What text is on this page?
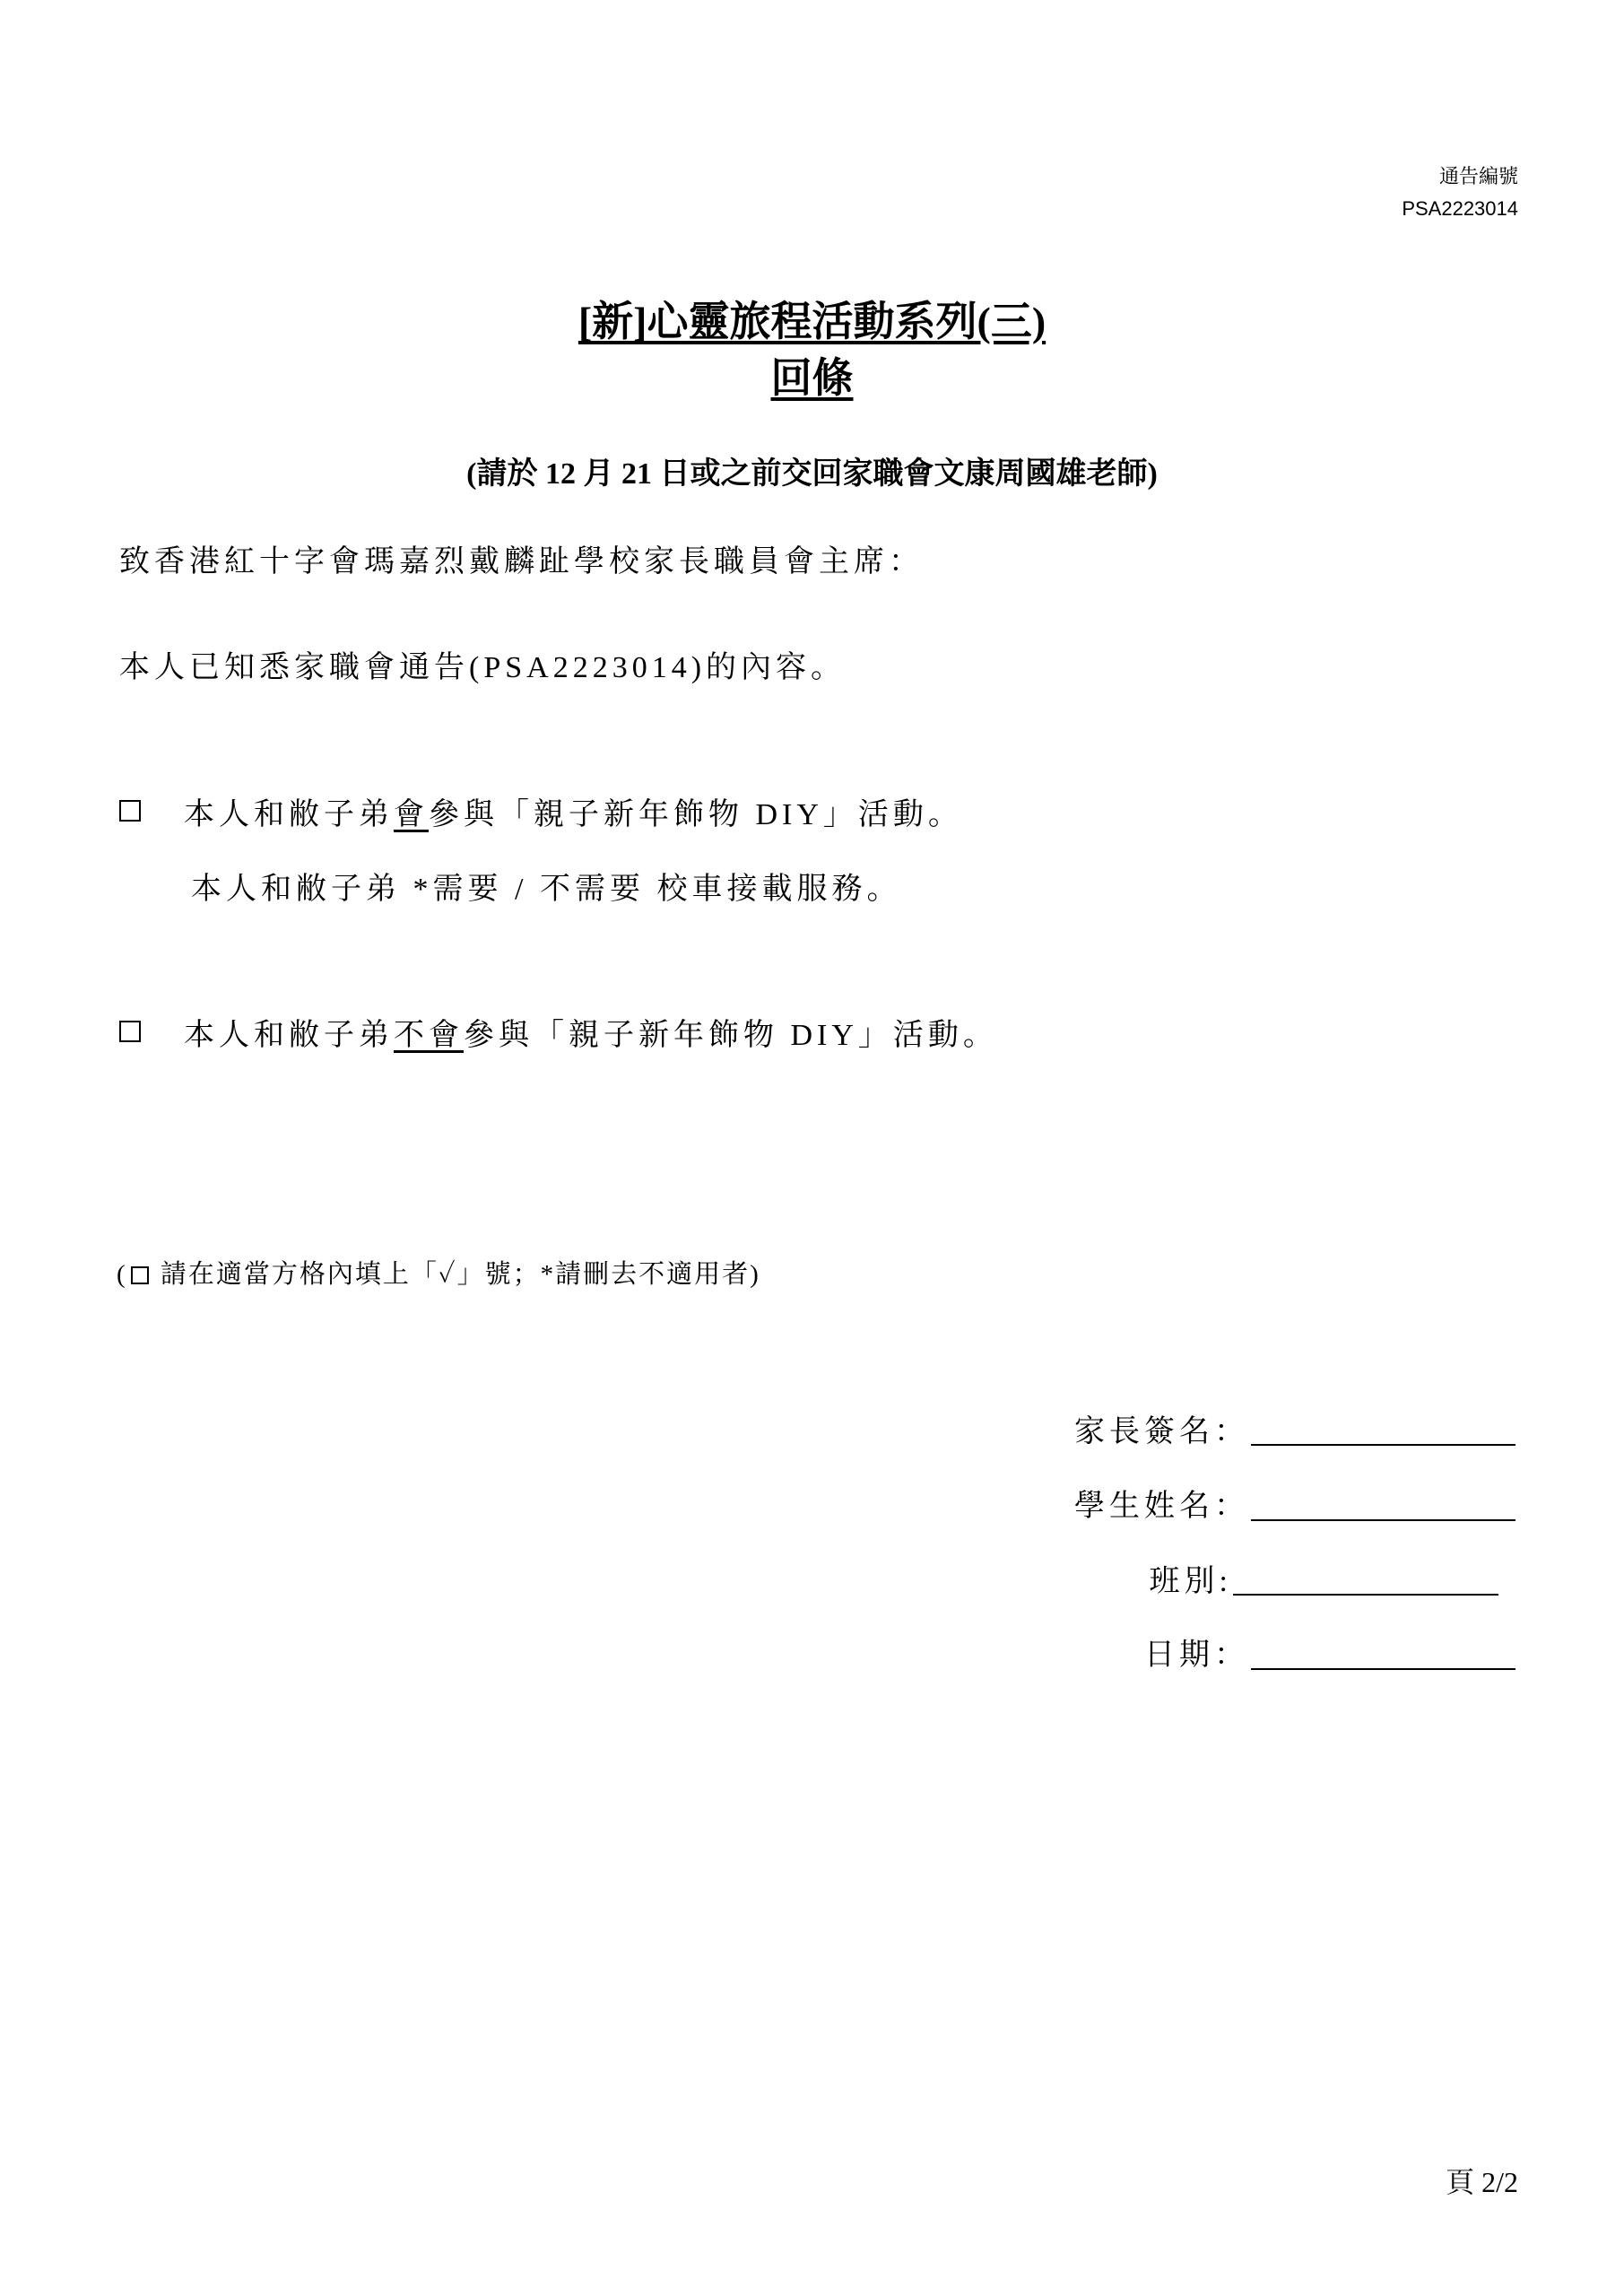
通告編號
PSA2223014
[新]心靈旅程活動系列(三)
回條
(請於 12 月 21 日或之前交回家職會文康周國雄老師)
致香港紅十字會瑪嘉烈戴麟趾學校家長職員會主席：
本人已知悉家職會通告(PSA2223014)的內容。
本人和敝子弟會參與「親子新年飾物 DIY」活動。
本人和敝子弟 *需要 / 不需要 校車接載服務。
本人和敝子弟不會參與「親子新年飾物 DIY」活動。
( 請在適當方格內填上「✓」號；*請刪去不適用者)
家長簽名：
學生姓名：
班別:
日期：
頁 2/2
